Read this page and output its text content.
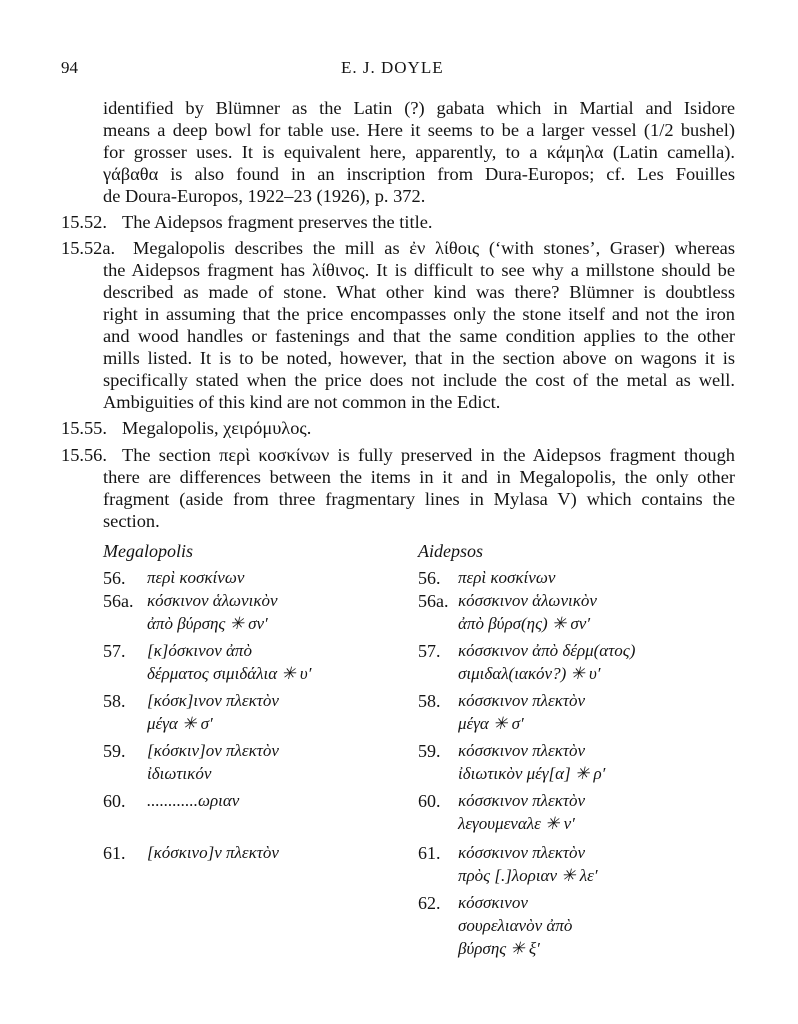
94	E. J. DOYLE
identified by Blümner as the Latin (?) gabata which in Martial and Isidore
means a deep bowl for table use. Here it seems to be a larger vessel (1/2 bushel)
for grosser uses. It is equivalent here, apparently, to a κάμηλα (Latin camella).
γάβαθα is also found in an inscription from Dura-Europos; cf. Les Fouilles
de Doura-Europos, 1922–23 (1926), p. 372.
15.52. The Aidepsos fragment preserves the title.
15.52a. Megalopolis describes the mill as ἐν λίθοις (‘with stones’, Graser) whereas
the Aidepsos fragment has λίθινος. It is difficult to see why a millstone should be
described as made of stone. What other kind was there? Blümner is doubtless
right in assuming that the price encompasses only the stone itself and not the iron
and wood handles or fastenings and that the same condition applies to the other
mills listed. It is to be noted, however, that in the section above on wagons it is
specifically stated when the price does not include the cost of the metal as well.
Ambiguities of this kind are not common in the Edict.
15.55. Megalopolis, χειρόμυλος.
15.56. The section περὶ κοσκίνων is fully preserved in the Aidepsos fragment though
there are differences between the items in it and in Megalopolis, the only other
fragment (aside from three fragmentary lines in Mylasa V) which contains the
section.
Megalopolis	Aidepsos
56. περὶ κοσκίνων
56a. κόσκινον ἁλωνικὸν
ἀπὸ βύρσης ✳ σν′
57. [κ]όσκινον ἀπὸ
δέρματος σιμιδάλια ✳ υ′
58. [κόσκ]ινον πλεκτὸν
μέγα ✳ σ′
59. [κόσκιν]ον πλεκτὸν
ἰδιωτικόν
60. ............ωριαν
61. [κόσκινο]ν πλεκτὸν
56. περὶ κοσκίνων
56a. κόσσκινον ἁλωνικὸν
ἀπὸ βύρσ(ης) ✳ σν′
57. κόσσκινον ἀπὸ δέρμ(ατος)
σιμιδαλ(ιακόν?) ✳ υ′
58. κόσσκινον πλεκτὸν
μέγα ✳ σ′
59. κόσσκινον πλεκτὸν
ἰδιωτικὸν μέγ[α] ✳ ρ′
60. κόσσκινον πλεκτὸν
λεγουμεναλε ✳ ν′
61. κόσσκινον πλεκτὸν
πρὸς [.]λοριαν ✳ λε′
62. κόσσκινον
σουρελιανὸν ἀπὸ
βύρσης ✳ ξ′
